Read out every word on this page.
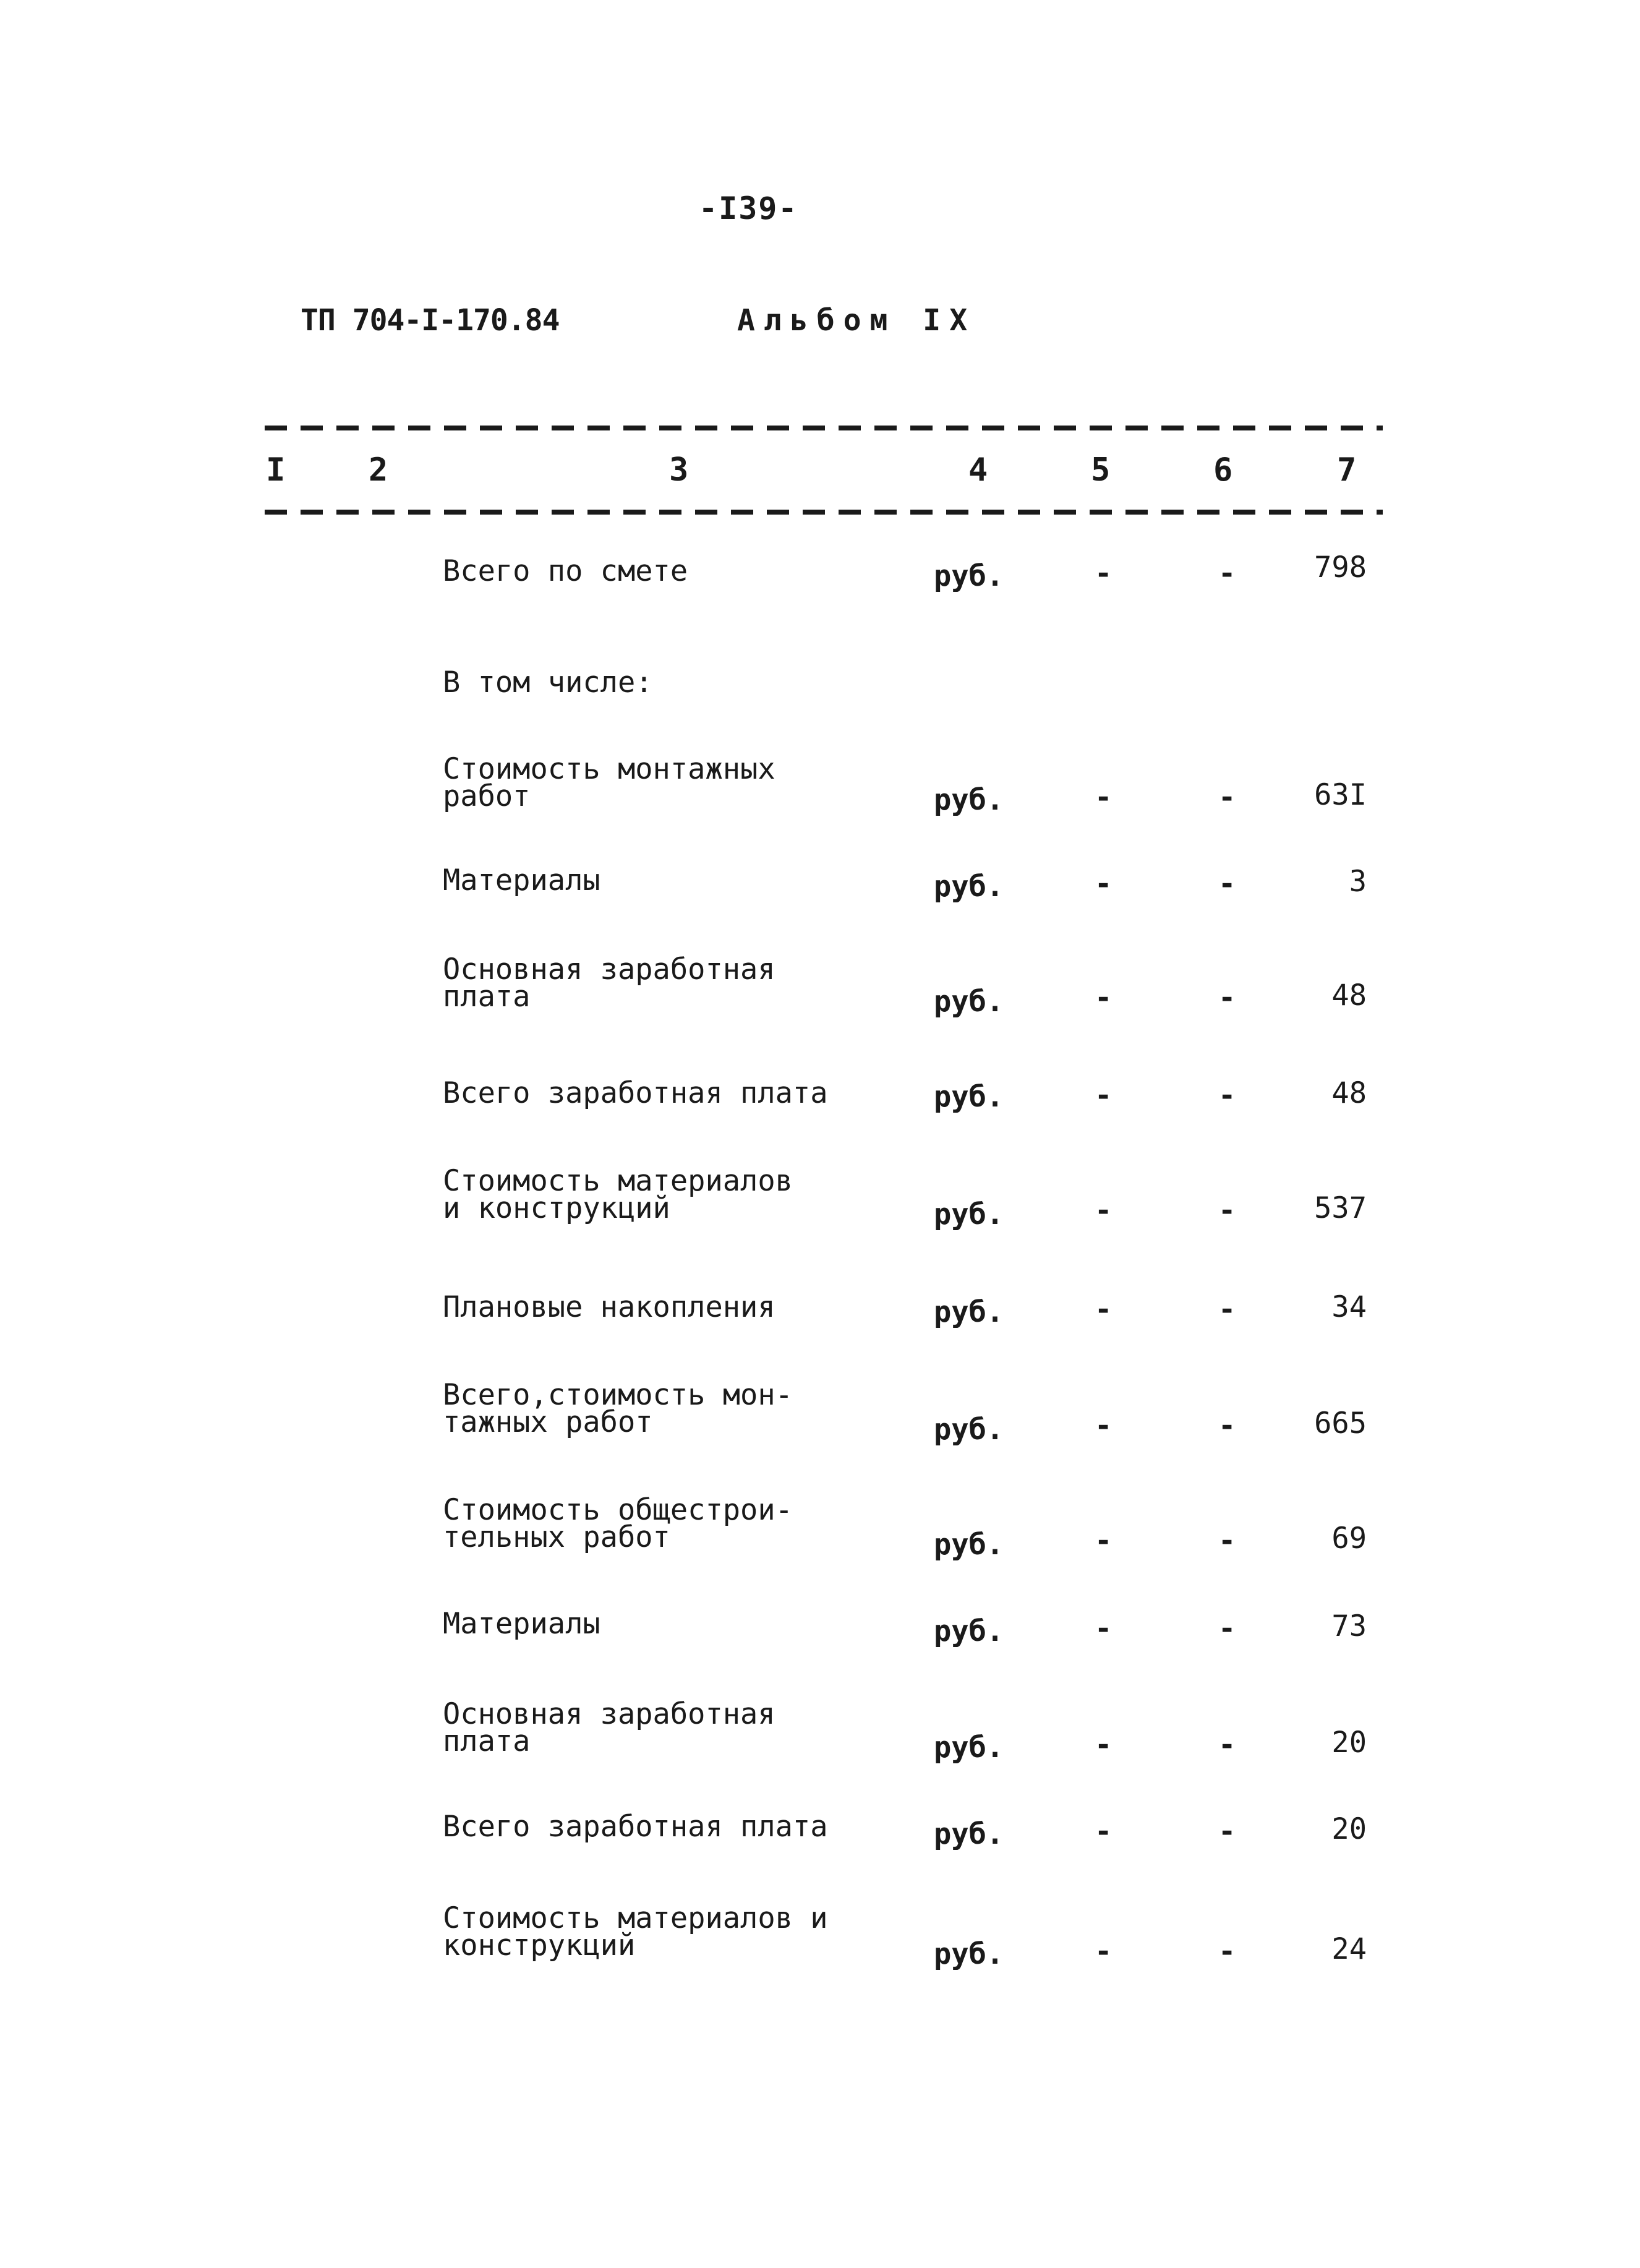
-I39-
ТП 704-I-170.84	Альбом IX
I	2	3	4	5	6	7
Всего по смете	руб.	-	-	798
В том числе:
Стоимость монтажных
работ	руб.	-	-	63I
Материалы	руб.	-	-	3
Основная заработная
плата	руб.	-	-	48
Всего заработная плата	руб.	-	-	48
Стоимость материалов
и конструкций	руб.	-	-	537
Плановые накопления	руб.	-	-	34
Всего,стоимость мон-
тажных работ	руб.	-	-	665
Стоимость общестрои-
тельных работ	руб.	-	-	69
Материалы	руб.	-	-	73
Основная заработная
плата	руб.	-	-	20
Всего заработная плата	руб.	-	-	20
Стоимость материалов и
конструкций	руб.	-	-	24
